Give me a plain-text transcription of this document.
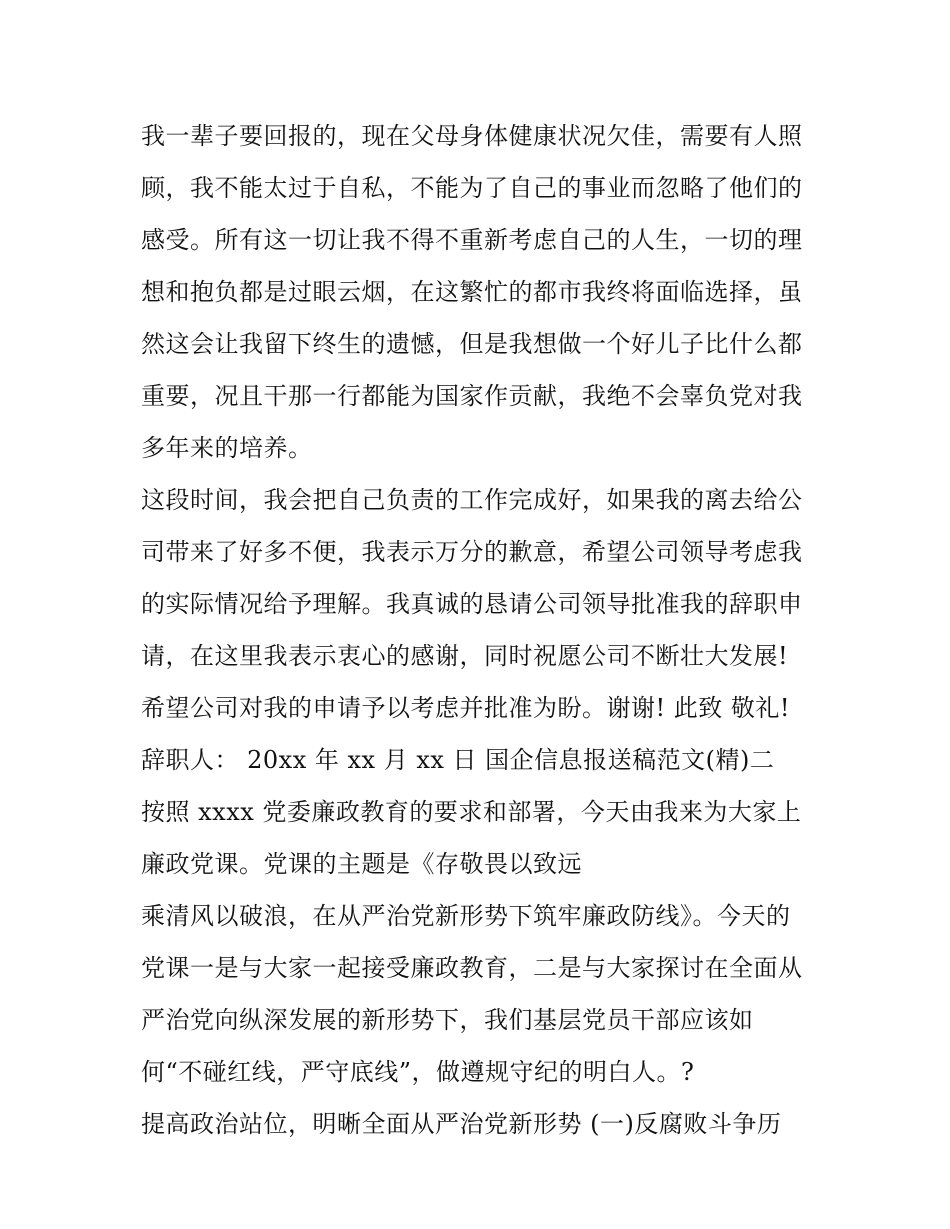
我一辈子要回报的，现在父母身体健康状况欠佳，需要有人照
顾，我不能太过于自私，不能为了自己的事业而忽略了他们的
感受。所有这一切让我不得不重新考虑自己的人生，一切的理
想和抱负都是过眼云烟，在这繁忙的都市我终将面临选择，虽
然这会让我留下终生的遗憾，但是我想做一个好儿子比什么都
重要，况且干那一行都能为国家作贡献，我绝不会辜负党对我
多年来的培养。
这段时间，我会把自己负责的工作完成好，如果我的离去给公
司带来了好多不便，我表示万分的歉意，希望公司领导考虑我
的实际情况给予理解。我真诚的恳请公司领导批准我的辞职申
请，在这里我表示衷心的感谢，同时祝愿公司不断壮大发展!
希望公司对我的申请予以考虑并批准为盼。谢谢! 此致 敬礼!
辞职人： 20xx 年 xx 月 xx 日 国企信息报送稿范文(精)二
按照 xxxx 党委廉政教育的要求和部署，今天由我来为大家上
廉政党课。党课的主题是《存敬畏以致远
乘清风以破浪，在从严治党新形势下筑牢廉政防线》。今天的
党课一是与大家一起接受廉政教育，二是与大家探讨在全面从
严治党向纵深发展的新形势下，我们基层党员干部应该如
何“不碰红线，严守底线”，做遵规守纪的明白人。?
提高政治站位，明晰全面从严治党新形势 (一)反腐败斗争历
